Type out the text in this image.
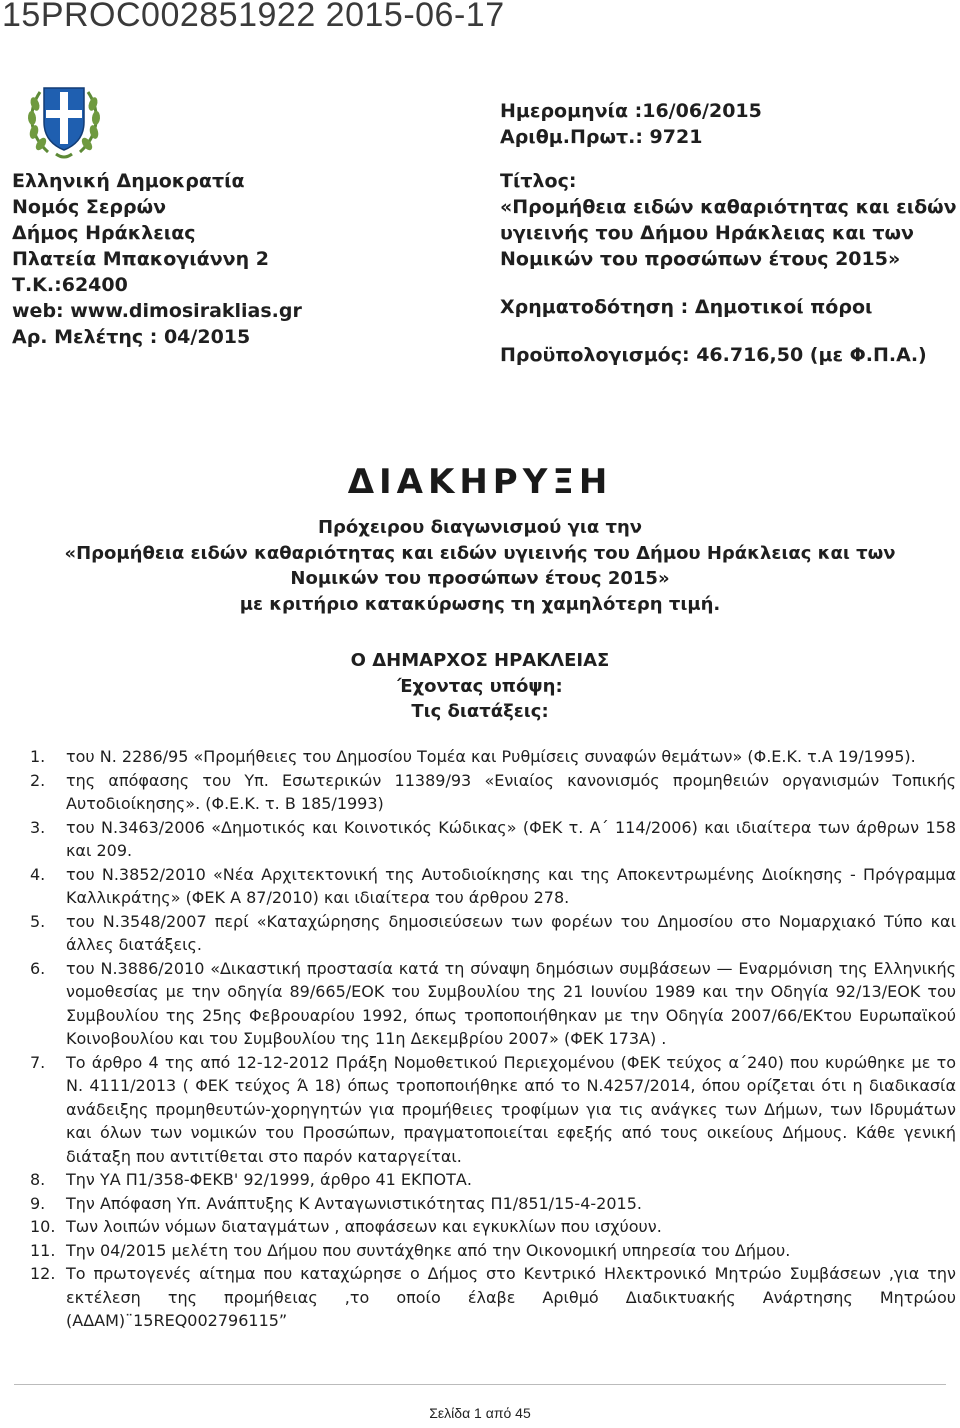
15PROC002851922 2015-06-17
Ελληνική Δημοκρατία
Νομός Σερρών
Δήμος Ηράκλειας
Πλατεία Μπακογιάννη 2
Τ.Κ.:62400
web: www.dimosiraklias.gr
Αρ. Μελέτης : 04/2015
Ημερομηνία :16/06/2015
Αριθμ.Πρωτ.: 9721
Τίτλος:
«Προμήθεια ειδών καθαριότητας και ειδών
υγιεινής του Δήμου Ηράκλειας και των
Νομικών του προσώπων έτους 2015»
Χρηματοδότηση : Δημοτικοί πόροι
Προϋπολογισμός: 46.716,50 (με Φ.Π.Α.)
ΔΙΑΚΗΡΥΞΗ
Πρόχειρου διαγωνισμού για την
«Προμήθεια ειδών καθαριότητας και ειδών υγιεινής του Δήμου Ηράκλειας και των
Νομικών του προσώπων έτους 2015»
με κριτήριο κατακύρωσης τη χαμηλότερη τιμή.
Ο ΔΗΜΑΡΧΟΣ ΗΡΑΚΛΕΙΑΣ
Έχοντας υπόψη:
Τις διατάξεις:
1.	του Ν. 2286/95 «Προμήθειες του Δημοσίου Τομέα και Ρυθμίσεις συναφών θεμάτων» (Φ.Ε.Κ. τ.Α 19/1995).
2.	της απόφασης του Υπ. Εσωτερικών 11389/93 «Ενιαίος κανονισμός προμηθειών οργανισμών Τοπικής Αυτοδιοίκησης». (Φ.Ε.Κ. τ. Β 185/1993)
3.	του Ν.3463/2006 «Δημοτικός και Κοινοτικός Κώδικας» (ΦΕΚ τ. Α΄ 114/2006) και ιδιαίτερα των άρθρων 158 και 209.
4.	του Ν.3852/2010 «Νέα Αρχιτεκτονική της Αυτοδιοίκησης και της Αποκεντρωμένης Διοίκησης - Πρόγραμμα Καλλικράτης» (ΦΕΚ Α 87/2010) και ιδιαίτερα του άρθρου 278.
5.	του Ν.3548/2007 περί «Καταχώρησης δημοσιεύσεων των φορέων του Δημοσίου στο Νομαρχιακό Τύπο και άλλες διατάξεις.
6.	του Ν.3886/2010 «Δικαστική προστασία κατά τη σύναψη δημόσιων συμβάσεων — Εναρμόνιση της Ελληνικής νομοθεσίας με την οδηγία 89/665/ΕΟΚ του Συμβουλίου της 21 Ιουνίου 1989 και την Οδηγία 92/13/ΕΟΚ του Συμβουλίου της 25ης Φεβρουαρίου 1992, όπως τροποποιήθηκαν με την Οδηγία 2007/66/ΕΚτου Ευρωπαϊκού Κοινοβουλίου και του Συμβουλίου της 11η Δεκεμβρίου 2007» (ΦΕΚ 173Α) .
7.	Το άρθρο 4 της από 12-12-2012 Πράξη Νομοθετικού Περιεχομένου (ΦΕΚ τεύχος α΄240) που κυρώθηκε με το Ν. 4111/2013 ( ΦΕΚ τεύχος Ά 18) όπως τροποποιήθηκε από το Ν.4257/2014, όπου ορίζεται ότι η διαδικασία ανάδειξης προμηθευτών-χορηγητών για προμήθειες τροφίμων για τις ανάγκες των Δήμων, των Ιδρυμάτων και όλων των νομικών του Προσώπων, πραγματοποιείται εφεξής από τους οικείους Δήμους. Κάθε γενική διάταξη που αντιτίθεται στο παρόν καταργείται.
8.	Την ΥΑ Π1/358-ΦΕΚΒ' 92/1999, άρθρο 41 ΕΚΠΟΤΑ.
9.	Την Απόφαση Υπ. Ανάπτυξης Κ Ανταγωνιστικότητας Π1/851/15-4-2015.
10. Των λοιπών νόμων διαταγμάτων , αποφάσεων και εγκυκλίων που ισχύουν.
11. Την 04/2015 μελέτη του Δήμου που συντάχθηκε από την Οικονομική υπηρεσία του Δήμου.
12. Το πρωτογενές αίτημα που καταχώρησε ο Δήμος στο Κεντρικό Ηλεκτρονικό Μητρώο Συμβάσεων ,για την εκτέλεση της προμήθειας ,το οποίο έλαβε Αριθμό Διαδικτυακής Ανάρτησης Μητρώου (ΑΔΑΜ)¨15REQ002796115”
Σελίδα 1 από 45
